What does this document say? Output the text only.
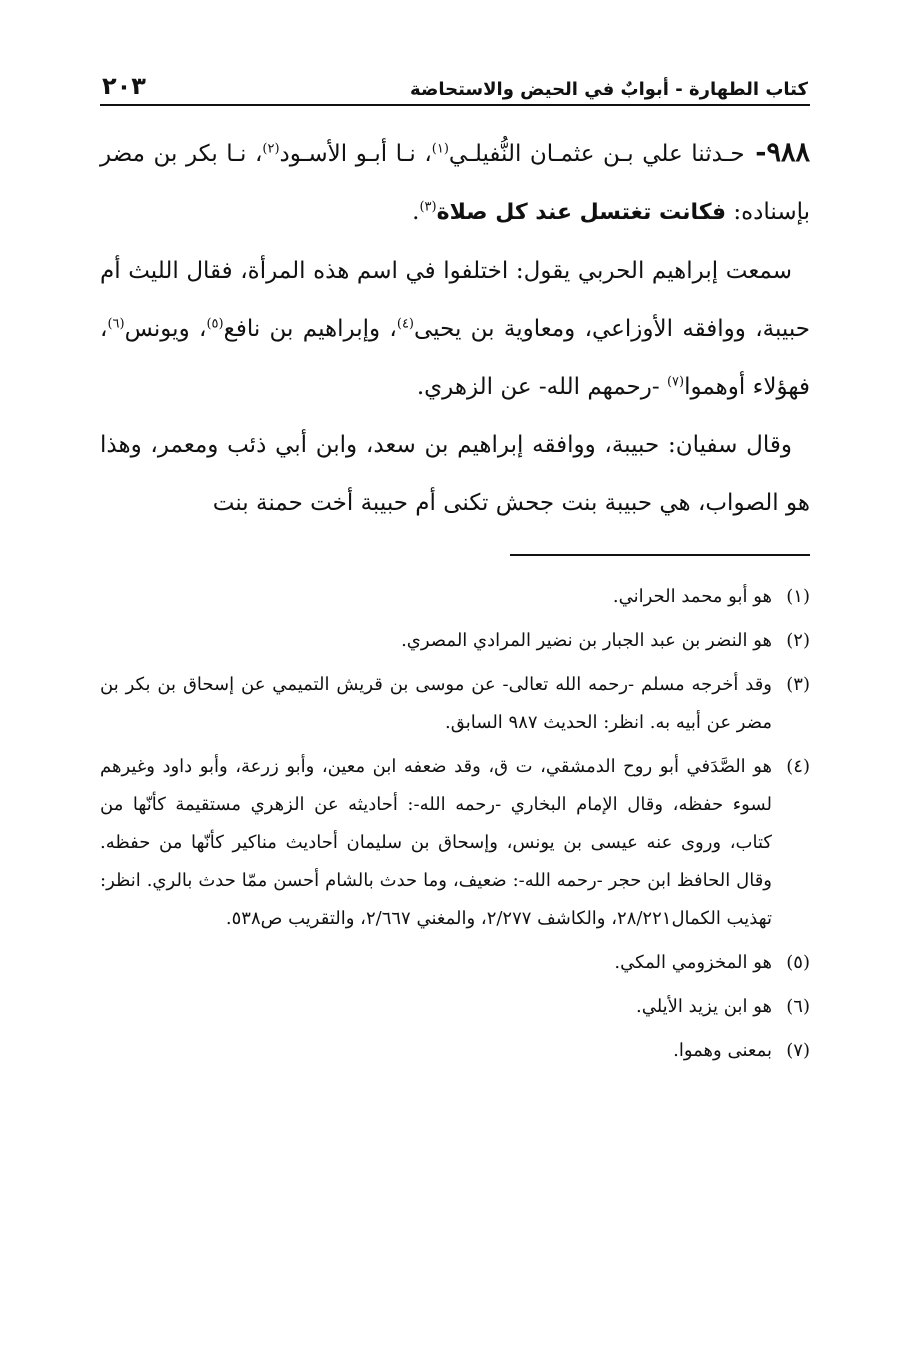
كتاب الطهارة - أبوابٌ في الحيض والاستحاضة
٢٠٣

٩٨٨- حـدثنا علي بـن عثمـان النُّفيلـي$^{(١)}$، نـا أبـو الأسـود$^{(٢)}$، نـا بكر بن مضر بإسناده: فكانت تغتسل عند كل صلاة$^{(٣)}$.

سمعت إبراهيم الحربي يقول: اختلفوا في اسم هذه المرأة، فقال الليث أم حبيبة، ووافقه الأوزاعي، ومعاوية بن يحيى$^{(٤)}$، وإبراهيم بن نافع$^{(٥)}$، ويونس$^{(٦)}$، فهؤلاء أوهموا$^{(٧)}$ -رحمهم الله- عن الزهري.

وقال سفيان: حبيبة، ووافقه إبراهيم بن سعد، وابن أبي ذئب ومعمر، وهذا هو الصواب، هي حبيبة بنت جحش تكنى أم حبيبة أخت حمنة بنت

(١)
هو أبو محمد الحراني.
(٢)
هو النضر بن عبد الجبار بن نضير المرادي المصري.
(٣)
وقد أخرجه مسلم -رحمه الله تعالى- عن موسى بن قريش التميمي عن إسحاق بن بكر بن مضر عن أبيه به. انظر: الحديث ٩٨٧ السابق.
(٤)
هو الصَّدَفي أبو روح الدمشقي، ت ق، وقد ضعفه ابن معين، وأبو زرعة، وأبو داود وغيرهم لسوء حفظه، وقال الإمام البخاري -رحمه الله-: أحاديثه عن الزهري مستقيمة كأنّها من كتاب، وروى عنه عيسى بن يونس، وإسحاق بن سليمان أحاديث مناكير كأنّها من حفظه. وقال الحافظ ابن حجر -رحمه الله-: ضعيف، وما حدث بالشام أحسن ممّا حدث بالري. انظر: تهذيب الكمال٢٨/٢٢١، والكاشف ٢/٢٧٧، والمغني ٢/٦٦٧، والتقريب ص٥٣٨.
(٥)
هو المخزومي المكي.
(٦)
هو ابن يزيد الأيلي.
(٧)
بمعنى وهموا.
